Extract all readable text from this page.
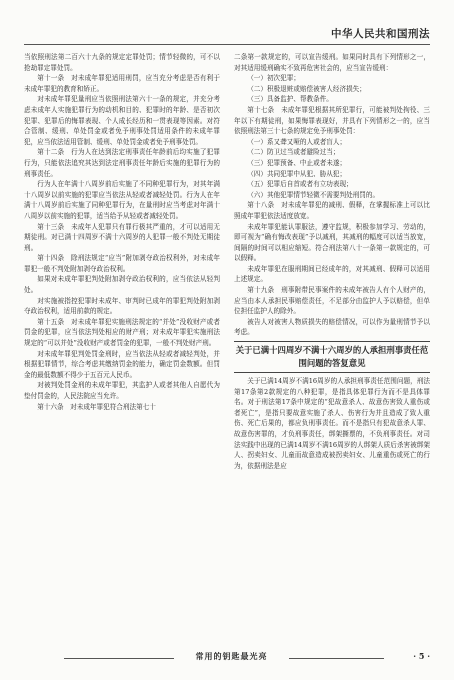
中华人民共和国刑法

当依照刑法第二百六十九条的规定定罪处罚；情节轻微的，可不以抢劫罪定罪处罚。

第十一条　对未成年罪犯适用刑罚，应当充分考虑是否有利于未成年罪犯的教育和矫正。

对未成年罪犯量刑应当依照刑法第六十一条的规定，并充分考虑未成年人实施犯罪行为的动机和目的、犯罪时的年龄、是否初次犯罪、犯罪后的悔罪表现、个人成长经历和一贯表现等因素。对符合管制、缓刑、单处罚金或者免予刑事处罚适用条件的未成年罪犯，应当依法适用管制、缓刑、单处罚金或者免予刑事处罚。

第十二条　行为人在达到法定刑事责任年龄前后均实施了犯罪行为，只能依法追究其达到法定刑事责任年龄后实施的犯罪行为的刑事责任。

行为人在年满十八周岁前后实施了不同种犯罪行为，对其年满十八周岁以前实施的犯罪应当依法从轻或者减轻处罚。行为人在年满十八周岁前后实施了同种犯罪行为，在量刑时应当考虑对年满十八周岁以前实施的犯罪，适当给予从轻或者减轻处罚。

第十三条　未成年人犯罪只有罪行极其严重的，才可以适用无期徒刑。对已满十四周岁不满十六周岁的人犯罪一般不判处无期徒刑。

第十四条　除刑法规定“应当”附加剥夺政治权利外，对未成年罪犯一般不判处附加剥夺政治权利。

如果对未成年罪犯判处附加剥夺政治权利的，应当依法从轻判处。

对实施被指控犯罪时未成年、审判时已成年的罪犯判处附加剥夺政治权利，适用前款的规定。

第十五条　对未成年罪犯实施刑法规定的“并处”没收财产或者罚金的犯罪，应当依法判处相应的财产刑；对未成年罪犯实施刑法规定的“可以并处”没收财产或者罚金的犯罪，一般不判处财产刑。

对未成年罪犯判处罚金刑时，应当依法从轻或者减轻判处，并根据犯罪情节，综合考虑其缴纳罚金的能力，确定罚金数额。但罚金的最低数额不得少于五百元人民币。

对被判处罚金刑的未成年罪犯，其监护人或者其他人自愿代为垫付罚金的，人民法院应当允许。

第十六条　对未成年罪犯符合刑法第七十

二条第一款规定的，可以宣告缓刑。如果同时具有下列情形之一，对其适用缓刑确实不致再危害社会的，应当宣告缓刑：

（一）初次犯罪；

（二）积极退赃或赔偿被害人经济损失；

（三）具备监护、帮教条件。

第十七条　未成年罪犯根据其所犯罪行，可能被判处拘役、三年以下有期徒刑，如果悔罪表现好，并具有下列情形之一的，应当依照刑法第三十七条的规定免予刑事处罚：

（一）系又聋又哑的人或者盲人；

（二）防卫过当或者避险过当；

（三）犯罪预备、中止或者未遂；

（四）共同犯罪中从犯、胁从犯；

（五）犯罪后自首或者有立功表现；

（六）其他犯罪情节轻微不需要判处刑罚的。

第十八条　对未成年罪犯的减刑、假释，在掌握标准上可以比照成年罪犯依法适度放宽。

未成年罪犯能认罪服法，遵守监规，积极参加学习、劳动的，即可视为“确有悔改表现”予以减刑，其减刑的幅度可以适当放宽，间隔的时间可以相应缩短。符合刑法第八十一条第一款规定的，可以假释。

未成年罪犯在服刑期间已经成年的，对其减刑、假释可以适用上述规定。

第十九条　刑事附带民事案件的未成年被告人有个人财产的，应当由本人承担民事赔偿责任，不足部分由监护人予以赔偿，但单位担任监护人的除外。

被告人对被害人物质损失的赔偿情况，可以作为量刑情节予以考虑。

关于已满十四周岁不满十六周岁的人承担刑事责任范围问题的答复意见

关于已满14周岁不满16周岁的人承担刑事责任范围问题，刑法第17条第2款规定的八种犯罪，是指具体犯罪行为而不是具体罪名。对于刑法第17条中规定的“犯故意杀人、故意伤害致人重伤或者死亡”，是指只要故意实施了杀人、伤害行为并且造成了致人重伤、死亡后果的，都应负刑事责任。而不是指只有犯故意杀人罪、故意伤害罪的，才负刑事责任，绑架撕票的，不负刑事责任。对司法实践中出现的已满14周岁不满16周岁的人绑架人质后杀害被绑架人、拐卖妇女、儿童而故意造成被拐卖妇女、儿童重伤或死亡的行为，依据刑法是应

常用的钥匙最光亮	· 5 ·
